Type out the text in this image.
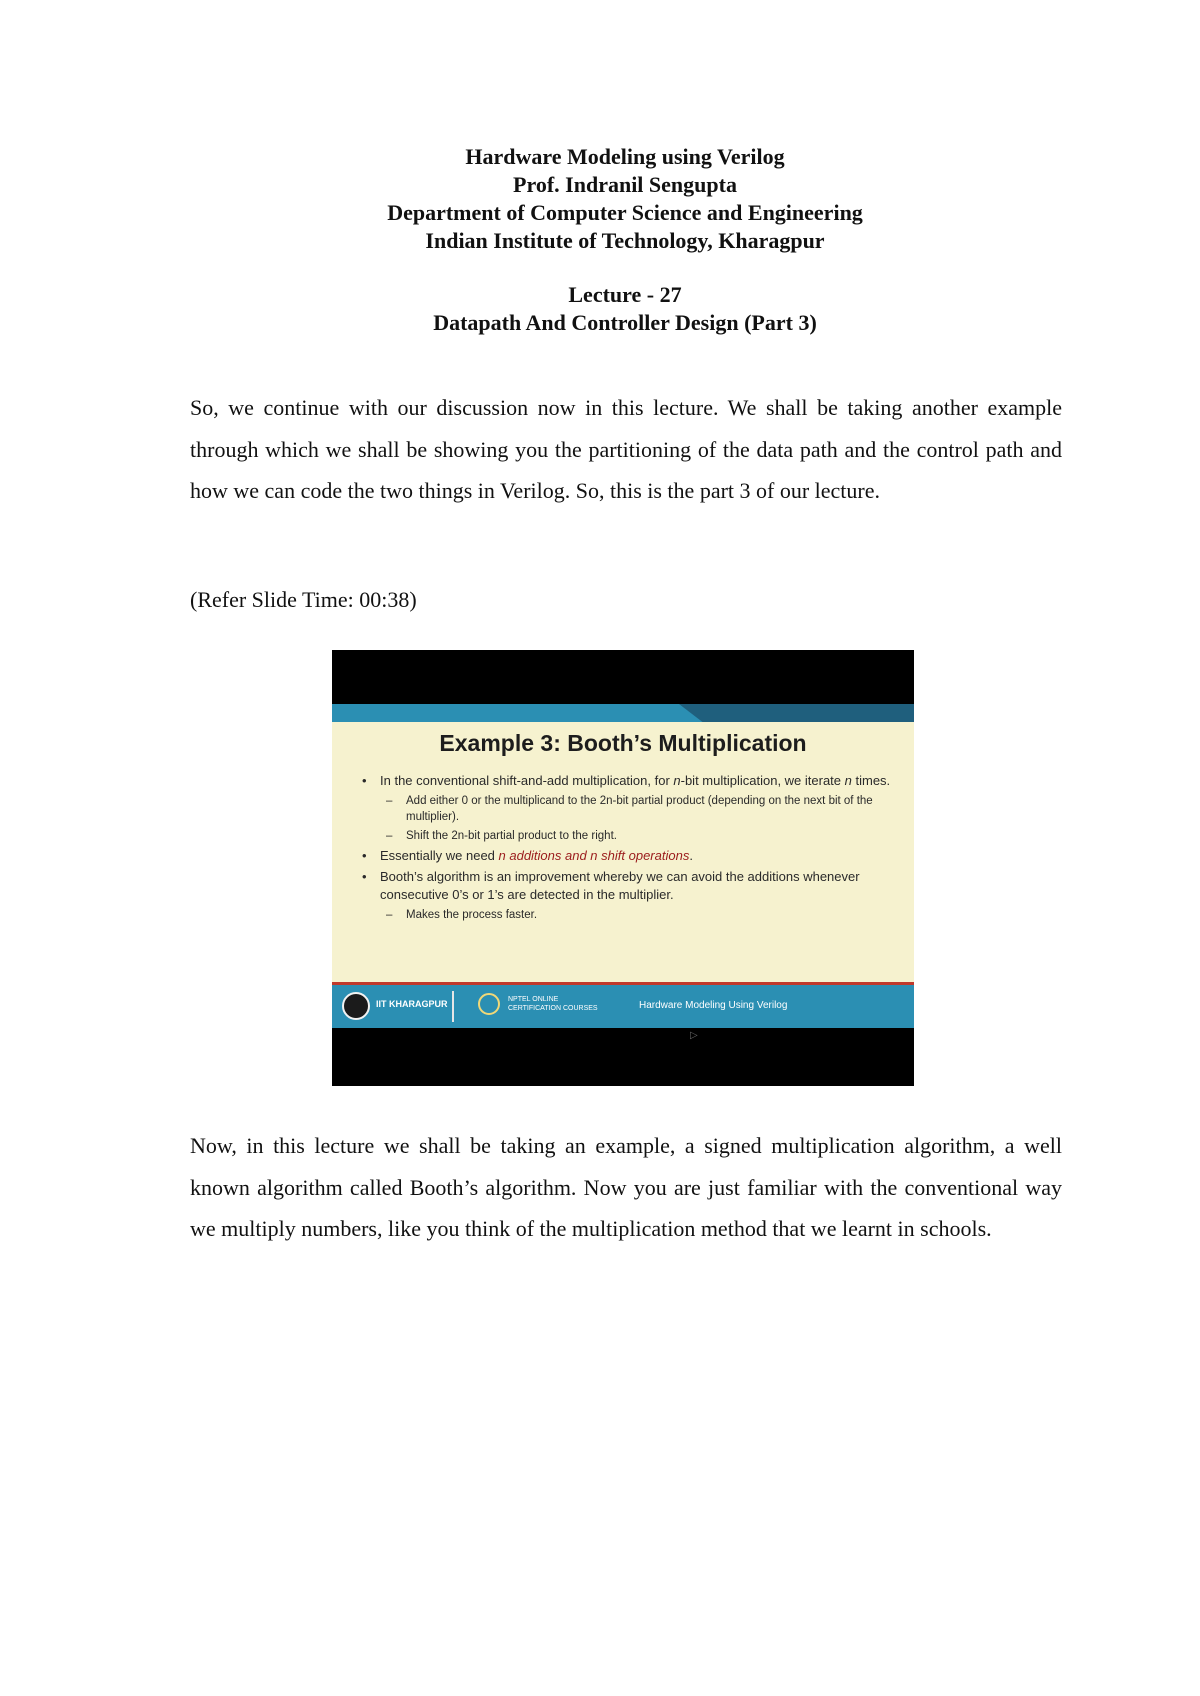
Hardware Modeling using Verilog
Prof. Indranil Sengupta
Department of Computer Science and Engineering
Indian Institute of Technology, Kharagpur
Lecture - 27
Datapath And Controller Design (Part 3)
So, we continue with our discussion now in this lecture. We shall be taking another example through which we shall be showing you the partitioning of the data path and the control path and how we can code the two things in Verilog. So, this is the part 3 of our lecture.
(Refer Slide Time: 00:38)
Example 3: Booth’s Multiplication
• In the conventional shift-and-add multiplication, for n-bit multiplication, we iterate n times.
– Add either 0 or the multiplicand to the 2n-bit partial product (depending on the next bit of the multiplier).
– Shift the 2n-bit partial product to the right.
• Essentially we need n additions and n shift operations.
• Booth’s algorithm is an improvement whereby we can avoid the additions whenever consecutive 0’s or 1’s are detected in the multiplier.
– Makes the process faster.
▷
IIT KHARAGPUR	NPTEL ONLINE
CERTIFICATION COURSES	Hardware Modeling Using Verilog
Now, in this lecture we shall be taking an example, a signed multiplication algorithm, a well known algorithm called Booth’s algorithm. Now you are just familiar with the conventional way we multiply numbers, like you think of the multiplication method that we learnt in schools.
